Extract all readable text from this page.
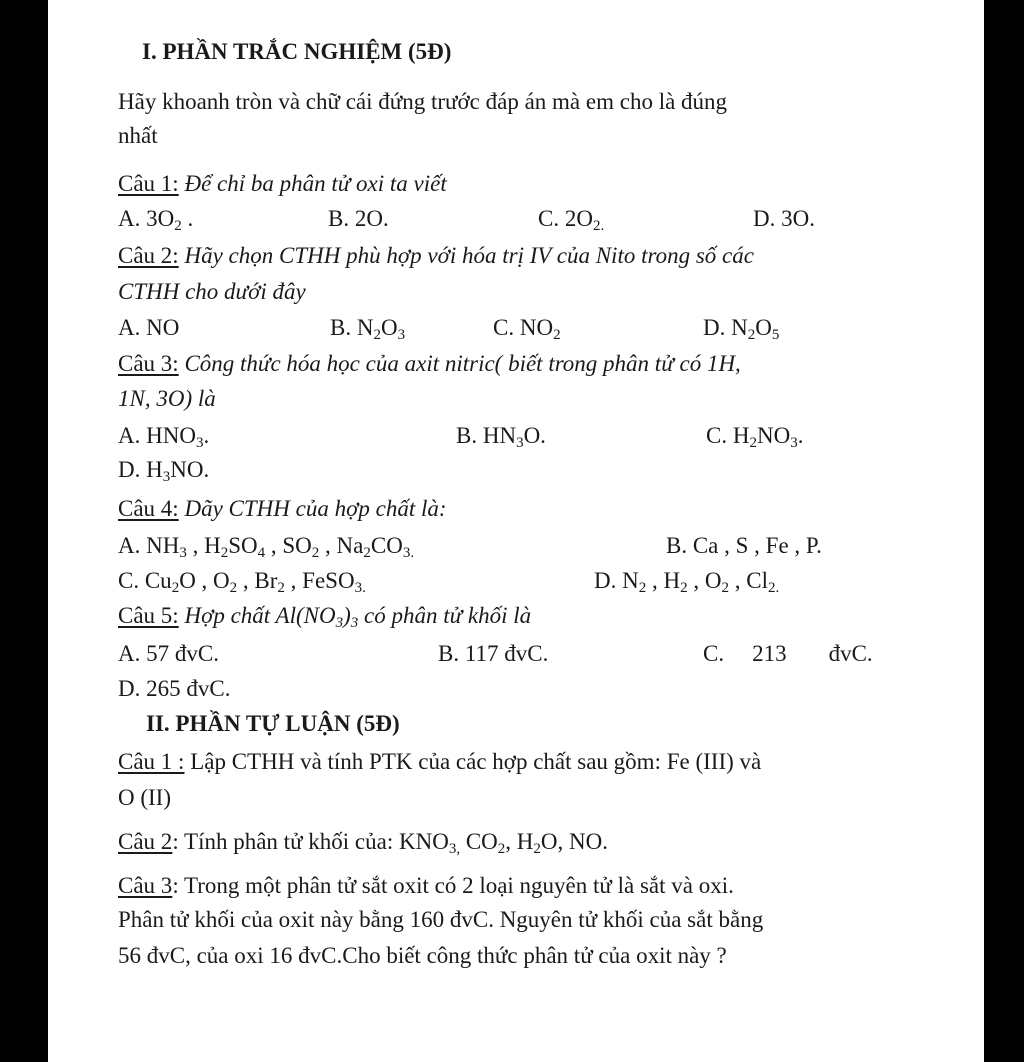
I. PHẦN TRẮC NGHIỆM (5Đ)
Hãy khoanh tròn và chữ cái đứng trước đáp án mà em cho là đúng
nhất
Câu 1: Để chỉ ba phân tử oxi ta viết
A. $3O_2$ .	B. 2O.	C. $2O_{2.}$	D. 3O.
Câu 2: Hãy chọn CTHH phù hợp với hóa trị IV của Nito trong số các
CTHH cho dưới đây
A. NO	B. $N_2O_3$	C. $NO_2$	D. $N_2O_5$
Câu 3: Công thức hóa học của axit nitric( biết trong phân tử có 1H,
1N, 3O) là
A. $HNO_3$.	B. $HN_3O$.	C. $H_2NO_3$.
D. $H_3NO$.
Câu 4: Dãy CTHH của hợp chất là:
A. $NH_3$ , $H_2SO_4$ , $SO_2$ , $Na_2CO_{3.}$	B. Ca , S , Fe , P.
C. $Cu_2O$ , $O_2$ , $Br_2$ , FeSO$_{3.}$	D. $N_2$ , $H_2$ , $O_2$ , $Cl_{2.}$
Câu 5: Hợp chất $Al(NO_3)_3$ có phân tử khối là
A. 57 đvC.	B. 117 đvC.	C. 213 đvC.
D. 265 đvC.
II. PHẦN TỰ LUẬN (5Đ)
Câu 1 : Lập CTHH và tính PTK của các hợp chất sau gồm: Fe (III) và
O (II)
Câu 2: Tính phân tử khối của: $KNO_{3,}$ $CO_2$, $H_2O$, NO.
Câu 3: Trong một phân tử sắt oxit có 2 loại nguyên tử là sắt và oxi.
Phân tử khối của oxit này bằng 160 đvC. Nguyên tử khối của sắt bằng
56 đvC, của oxi 16 đvC.Cho biết công thức phân tử của oxit này ?
